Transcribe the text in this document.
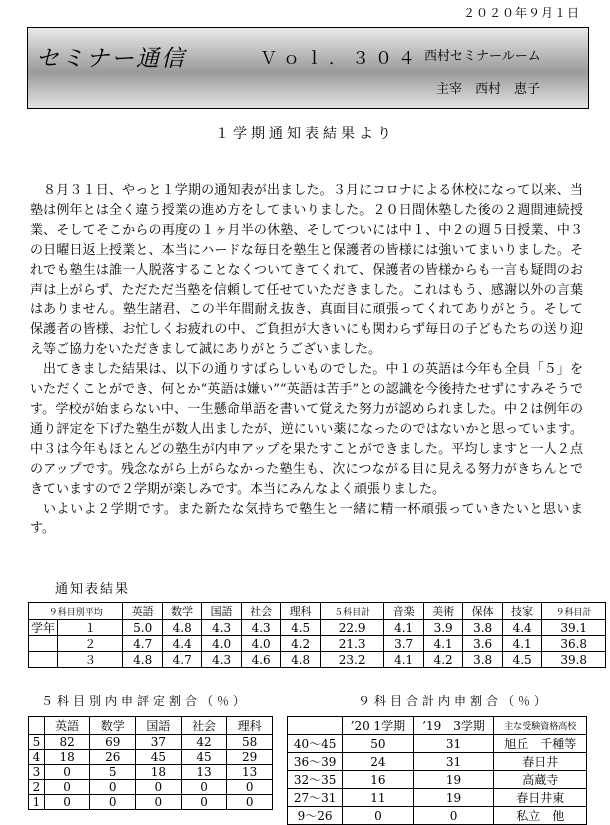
２０２０年９月１日
セミナー通信	Ｖｏｌ．３０４ 西村セミナールーム
主宰　西村　恵子
１学期通知表結果より

８月３１日、やっと１学期の通知表が出ました。３月にコロナによる休校になって以来、当塾は例年とは全く違う授業の進め方をしてまいりました。２０日間休塾した後の２週間連続授業、そしてそこからの再度の１ヶ月半の休塾、そしてついには中１、中２の週５日授業、中３の日曜日返上授業と、本当にハードな毎日を塾生と保護者の皆様には強いてまいりました。それでも塾生は誰一人脱落することなくついてきてくれて、保護者の皆様からも一言も疑問のお声は上がらず、ただただ当塾を信頼して任せていただきました。これはもう、感謝以外の言葉はありません。塾生諸君、この半年間耐え抜き、真面目に頑張ってくれてありがとう。そして保護者の皆様、お忙しくお疲れの中、ご負担が大きいにも関わらず毎日の子どもたちの送り迎え等ご協力をいただきまして誠にありがとうございました。

出てきました結果は、以下の通りすばらしいものでした。中１の英語は今年も全員「５」をいただくことができ、何とか“英語は嫌い”“英語は苦手”との認識を今後持たせずにすみそうです。学校が始まらない中、一生懸命単語を書いて覚えた努力が認められました。中２は例年の通り評定を下げた塾生が数人出ましたが、逆にいい薬になったのではないかと思っています。中３は今年もほとんどの塾生が内申アップを果たすことができました。平均しますと一人２点のアップです。残念ながら上がらなかった塾生も、次につながる目に見える努力がきちんとできていますので２学期が楽しみです。本当にみんなよく頑張りました。

いよいよ２学期です。また新たな気持ちで塾生と一緒に精一杯頑張っていきたいと思います。

通知表結果
９科目別平均	英語	数学	国語	社会	理科	５科目計	音楽	美術	保体	技家	９科目計

学年 １	5.0	4.8	4.3	4.3	4.5	22.9	4.1	3.9	3.8	4.4	39.1

２	4.7	4.4	4.0	4.0	4.2	21.3	3.7	4.1	3.6	4.1	36.8

３	4.8	4.7	4.3	4.6	4.8	23.2	4.1	4.2	3.8	4.5	39.8
５科目別内申評定割合（％）	９科目合計内申割合（％）
	英語	数学	国語	社会	理科
5	82	69	37	42	58
4	18	26	45	45	29
3	0	5	18	13	13
2	0	0	0	0	0
1	0	0	0	0	0
	’20 1学期	’19　3学期	主な受験資格高校
40～45	50	31	旭丘　千種等
36～39	24	31	春日井
32～35	16	19	高蔵寺
27～31	11	19	春日井東
9～26	0	0	私立　他
